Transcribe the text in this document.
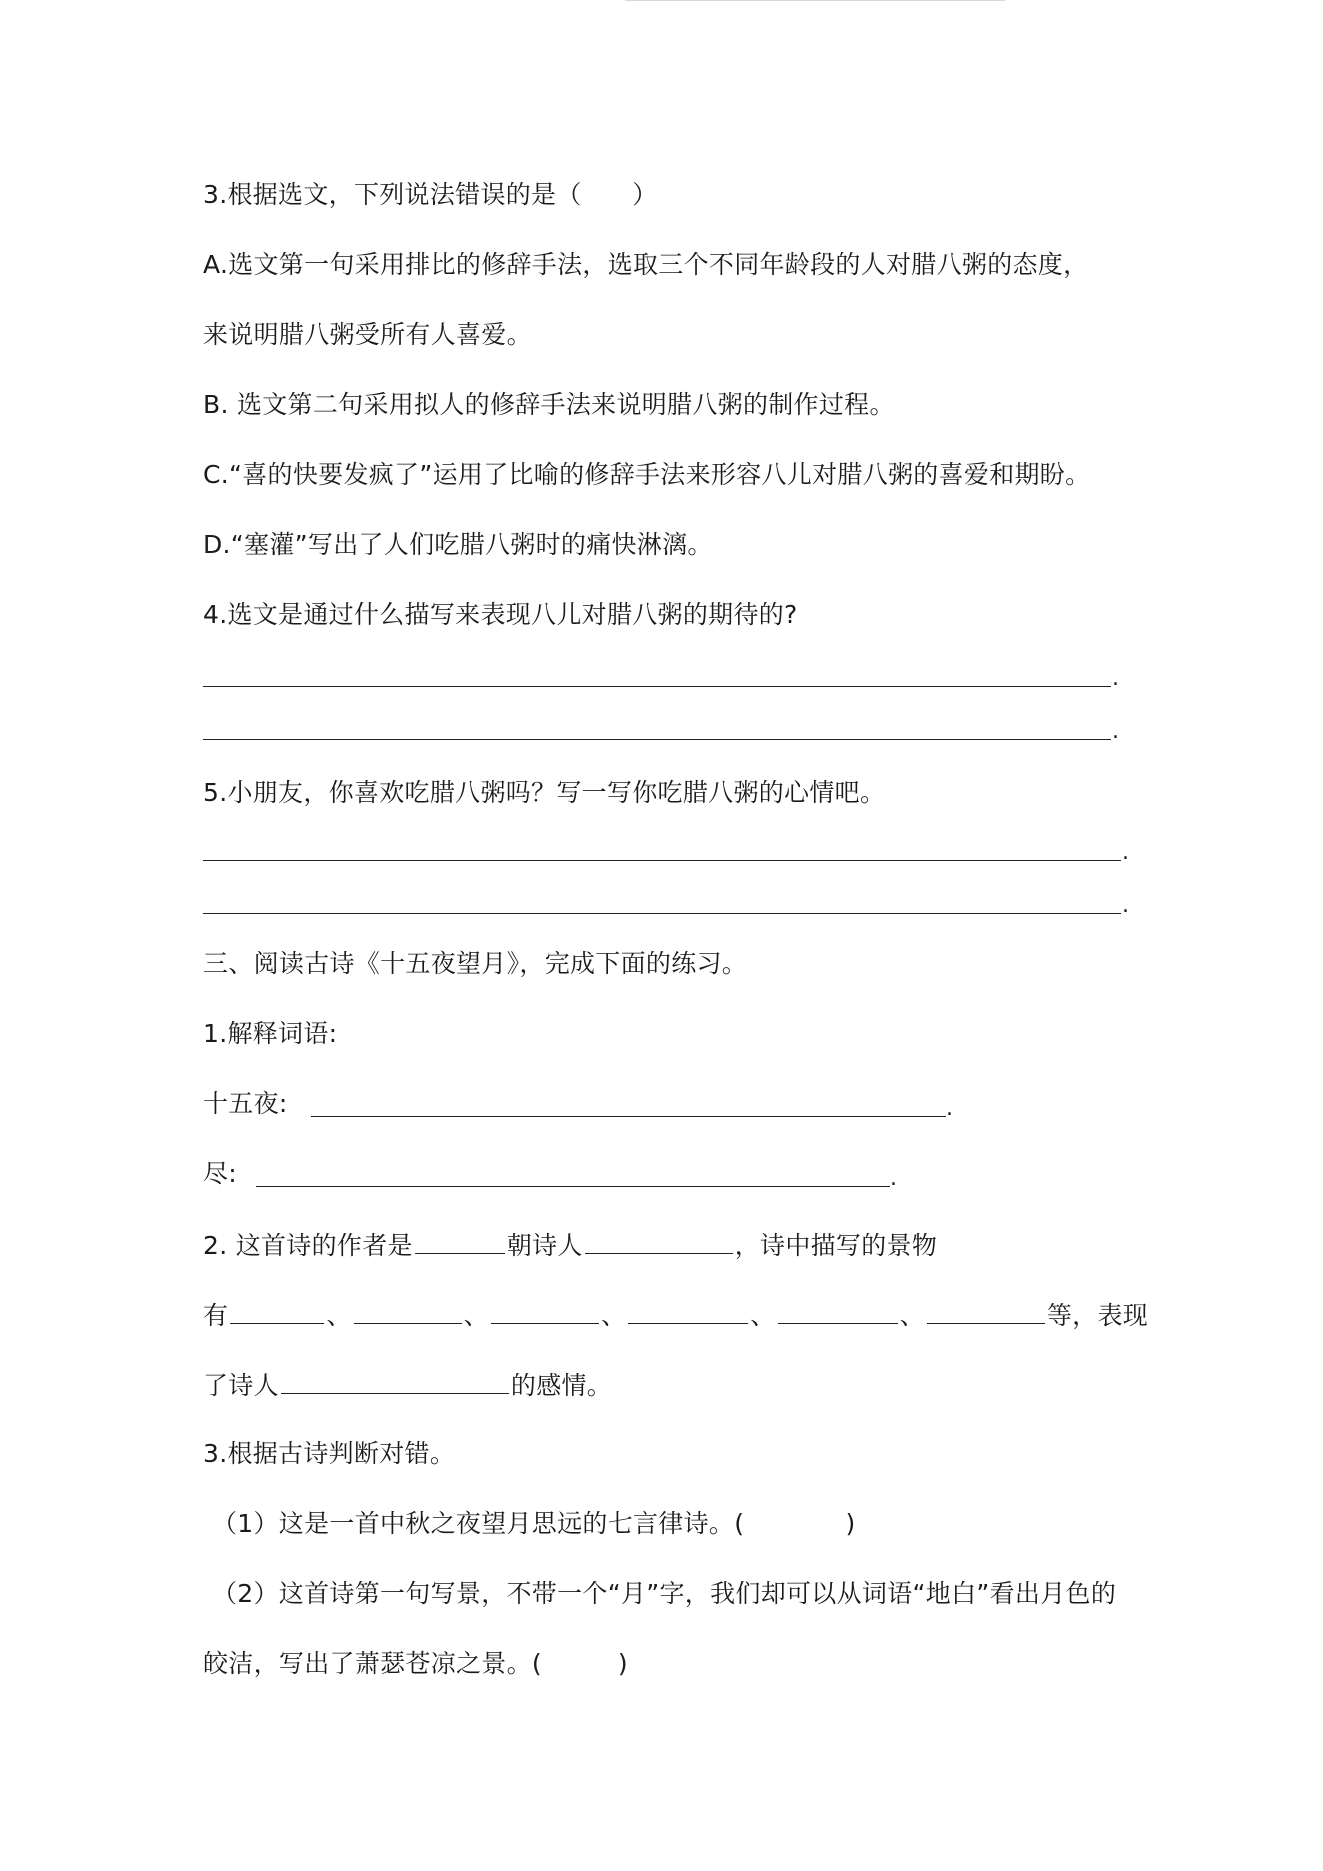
3.根据选文，下列说法错误的是（　　）
A.选文第一句采用排比的修辞手法，选取三个不同年龄段的人对腊八粥的态度，
来说明腊八粥受所有人喜爱。
B. 选文第二句采用拟人的修辞手法来说明腊八粥的制作过程。
C.“喜的快要发疯了”运用了比喻的修辞手法来形容八儿对腊八粥的喜爱和期盼。
D.“塞灌”写出了人们吃腊八粥时的痛快淋漓。
4.选文是通过什么描写来表现八儿对腊八粥的期待的?
.
.
5.小朋友，你喜欢吃腊八粥吗？写一写你吃腊八粥的心情吧。
.
.
三、阅读古诗《十五夜望月》，完成下面的练习。
1.解释词语:
十五夜:	.
尽:	.
2. 这首诗的作者是	朝诗人	，诗中描写的景物
有	、	、	、	、	、	等，表现
了诗人	的感情。
3.根据古诗判断对错。
（1）这是一首中秋之夜望月思远的七言律诗。(　　　　)
（2）这首诗第一句写景，不带一个“月”字，我们却可以从词语“地白”看出月色的
皎洁，写出了萧瑟苍凉之景。(　　　)
